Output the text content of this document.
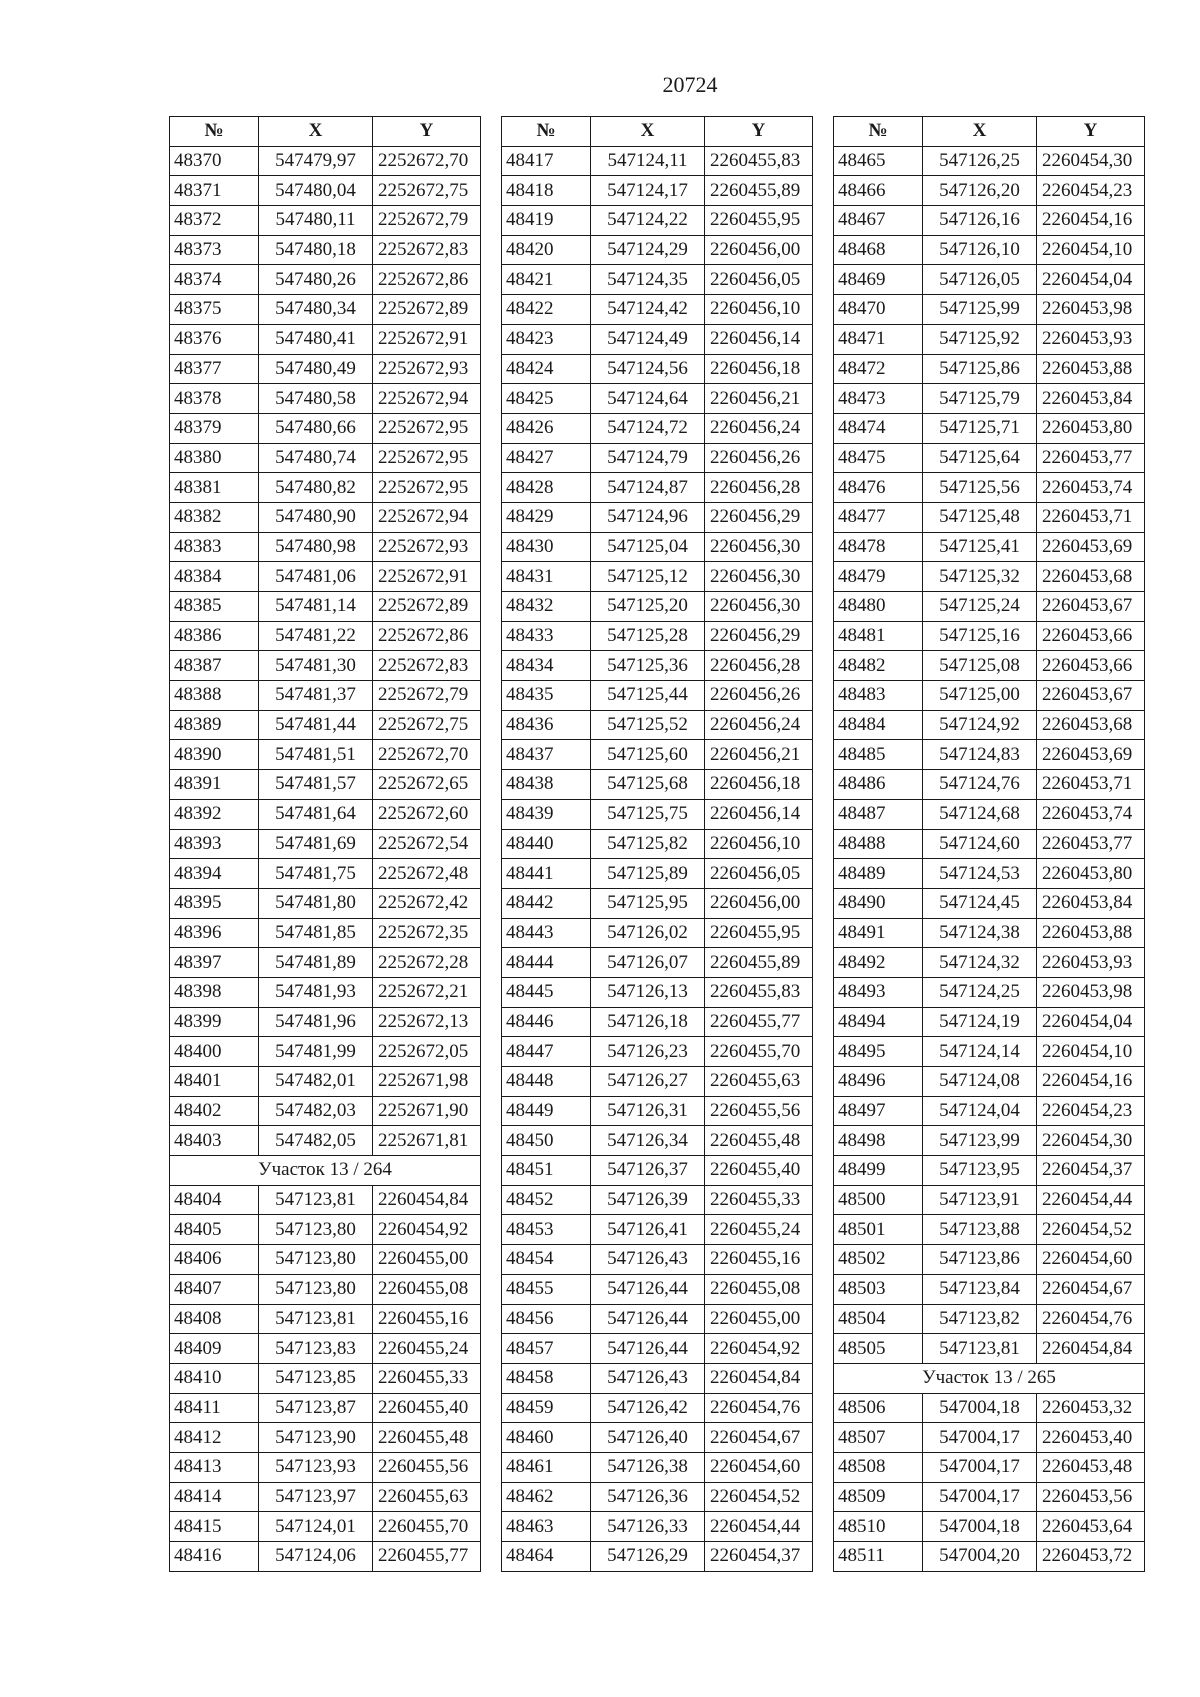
20724
№	X	Y
48370	547479,97	2252672,70
48371	547480,04	2252672,75
48372	547480,11	2252672,79
48373	547480,18	2252672,83
48374	547480,26	2252672,86
48375	547480,34	2252672,89
48376	547480,41	2252672,91
48377	547480,49	2252672,93
48378	547480,58	2252672,94
48379	547480,66	2252672,95
48380	547480,74	2252672,95
48381	547480,82	2252672,95
48382	547480,90	2252672,94
48383	547480,98	2252672,93
48384	547481,06	2252672,91
48385	547481,14	2252672,89
48386	547481,22	2252672,86
48387	547481,30	2252672,83
48388	547481,37	2252672,79
48389	547481,44	2252672,75
48390	547481,51	2252672,70
48391	547481,57	2252672,65
48392	547481,64	2252672,60
48393	547481,69	2252672,54
48394	547481,75	2252672,48
48395	547481,80	2252672,42
48396	547481,85	2252672,35
48397	547481,89	2252672,28
48398	547481,93	2252672,21
48399	547481,96	2252672,13
48400	547481,99	2252672,05
48401	547482,01	2252671,98
48402	547482,03	2252671,90
48403	547482,05	2252671,81
Участок 13 / 264		
48404	547123,81	2260454,84
48405	547123,80	2260454,92
48406	547123,80	2260455,00
48407	547123,80	2260455,08
48408	547123,81	2260455,16
48409	547123,83	2260455,24
48410	547123,85	2260455,33
48411	547123,87	2260455,40
48412	547123,90	2260455,48
48413	547123,93	2260455,56
48414	547123,97	2260455,63
48415	547124,01	2260455,70
48416	547124,06	2260455,77
№	X	Y
48417	547124,11	2260455,83
48418	547124,17	2260455,89
48419	547124,22	2260455,95
48420	547124,29	2260456,00
48421	547124,35	2260456,05
48422	547124,42	2260456,10
48423	547124,49	2260456,14
48424	547124,56	2260456,18
48425	547124,64	2260456,21
48426	547124,72	2260456,24
48427	547124,79	2260456,26
48428	547124,87	2260456,28
48429	547124,96	2260456,29
48430	547125,04	2260456,30
48431	547125,12	2260456,30
48432	547125,20	2260456,30
48433	547125,28	2260456,29
48434	547125,36	2260456,28
48435	547125,44	2260456,26
48436	547125,52	2260456,24
48437	547125,60	2260456,21
48438	547125,68	2260456,18
48439	547125,75	2260456,14
48440	547125,82	2260456,10
48441	547125,89	2260456,05
48442	547125,95	2260456,00
48443	547126,02	2260455,95
48444	547126,07	2260455,89
48445	547126,13	2260455,83
48446	547126,18	2260455,77
48447	547126,23	2260455,70
48448	547126,27	2260455,63
48449	547126,31	2260455,56
48450	547126,34	2260455,48
48451	547126,37	2260455,40
48452	547126,39	2260455,33
48453	547126,41	2260455,24
48454	547126,43	2260455,16
48455	547126,44	2260455,08
48456	547126,44	2260455,00
48457	547126,44	2260454,92
48458	547126,43	2260454,84
48459	547126,42	2260454,76
48460	547126,40	2260454,67
48461	547126,38	2260454,60
48462	547126,36	2260454,52
48463	547126,33	2260454,44
48464	547126,29	2260454,37
№	X	Y
48465	547126,25	2260454,30
48466	547126,20	2260454,23
48467	547126,16	2260454,16
48468	547126,10	2260454,10
48469	547126,05	2260454,04
48470	547125,99	2260453,98
48471	547125,92	2260453,93
48472	547125,86	2260453,88
48473	547125,79	2260453,84
48474	547125,71	2260453,80
48475	547125,64	2260453,77
48476	547125,56	2260453,74
48477	547125,48	2260453,71
48478	547125,41	2260453,69
48479	547125,32	2260453,68
48480	547125,24	2260453,67
48481	547125,16	2260453,66
48482	547125,08	2260453,66
48483	547125,00	2260453,67
48484	547124,92	2260453,68
48485	547124,83	2260453,69
48486	547124,76	2260453,71
48487	547124,68	2260453,74
48488	547124,60	2260453,77
48489	547124,53	2260453,80
48490	547124,45	2260453,84
48491	547124,38	2260453,88
48492	547124,32	2260453,93
48493	547124,25	2260453,98
48494	547124,19	2260454,04
48495	547124,14	2260454,10
48496	547124,08	2260454,16
48497	547124,04	2260454,23
48498	547123,99	2260454,30
48499	547123,95	2260454,37
48500	547123,91	2260454,44
48501	547123,88	2260454,52
48502	547123,86	2260454,60
48503	547123,84	2260454,67
48504	547123,82	2260454,76
48505	547123,81	2260454,84
Участок 13 / 265		
48506	547004,18	2260453,32
48507	547004,17	2260453,40
48508	547004,17	2260453,48
48509	547004,17	2260453,56
48510	547004,18	2260453,64
48511	547004,20	2260453,72
